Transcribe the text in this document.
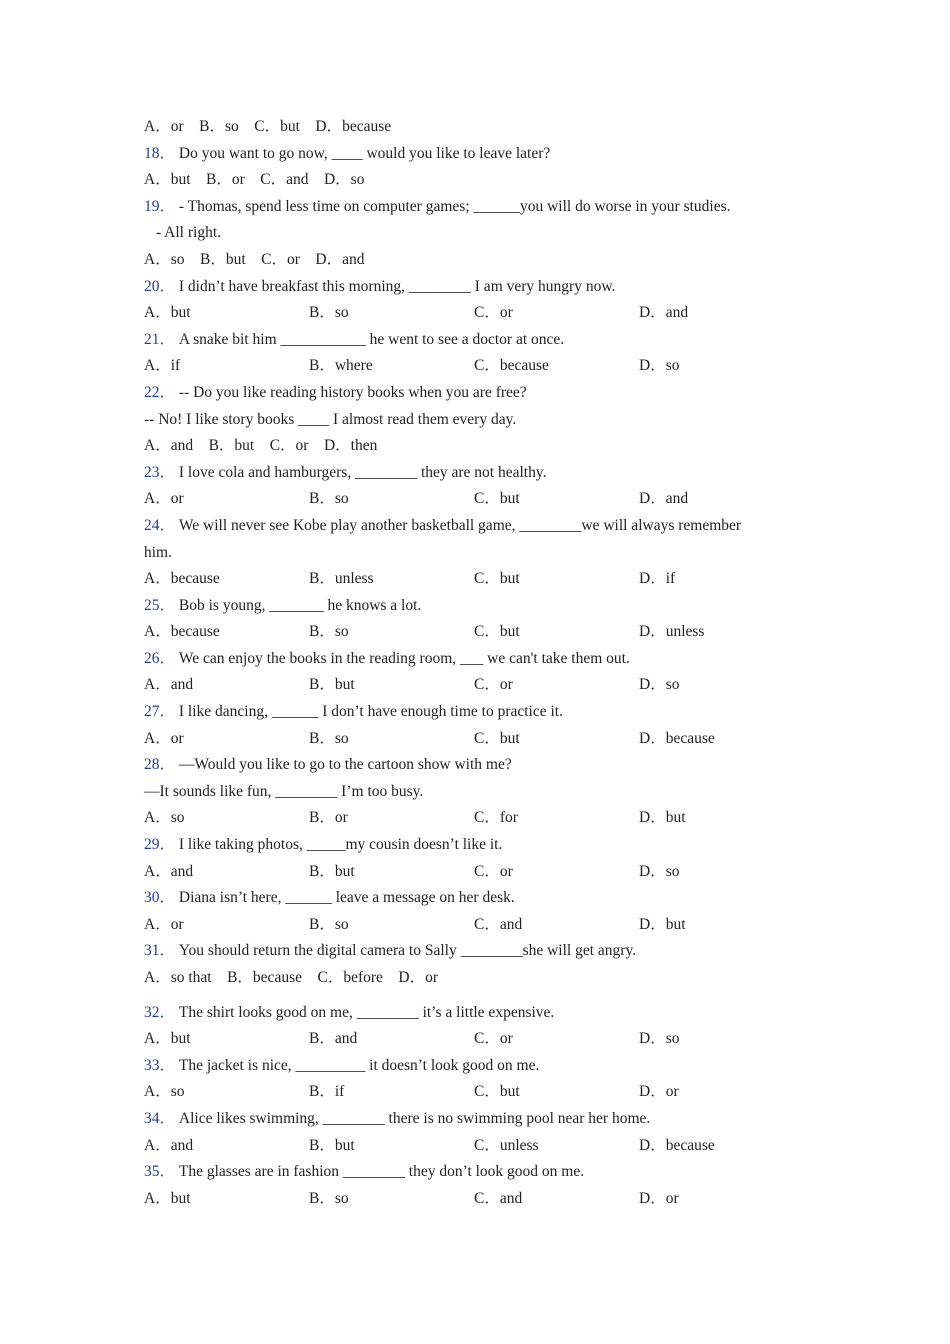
A．or　B．so　C．but　D．because
18． Do you want to go now, ____ would you like to leave later?
A．but　B．or　C．and　D．so
19． - Thomas, spend less time on computer games; ______you will do worse in your studies.
- All right.
A．so　B．but　C．or　D．and
20． I didn’t have breakfast this morning, ________ I am very hungry now.
A．but	B．so	C．or	D．and
21． A snake bit him ___________ he went to see a doctor at once.
A．if	B．where	C．because	D．so
22． -- Do you like reading history books when you are free?
-- No! I like story books ____ I almost read them every day.
A．and　B．but　C．or　D．then
23． I love cola and hamburgers, ________ they are not healthy.
A．or	B．so	C．but	D．and
24． We will never see Kobe play another basketball game, ________we will always remember
him.
A．because	B．unless	C．but	D．if
25． Bob is young, _______ he knows a lot.
A．because	B．so	C．but	D．unless
26． We can enjoy the books in the reading room, ___ we can't take them out.
A．and	B．but	C．or	D．so
27． I like dancing, ______ I don’t have enough time to practice it.
A．or	B．so	C．but	D．because
28． —Would you like to go to the cartoon show with me?
—It sounds like fun, ________ I’m too busy.
A．so	B．or	C．for	D．but
29． I like taking photos, _____my cousin doesn’t like it.
A．and	B．but	C．or	D．so
30． Diana isn’t here, ______ leave a message on her desk.
A．or	B．so	C．and	D．but
31． You should return the digital camera to Sally ________she will get angry.
A．so that　B．because　C．before　D．or
32． The shirt looks good on me, ________ it’s a little expensive.
A．but	B．and	C．or	D．so
33． The jacket is nice, _________ it doesn’t look good on me.
A．so	B．if	C．but	D．or
34． Alice likes swimming, ________ there is no swimming pool near her home.
A．and	B．but	C．unless	D．because
35． The glasses are in fashion ________ they don’t look good on me.
A．but	B．so	C．and	D．or
